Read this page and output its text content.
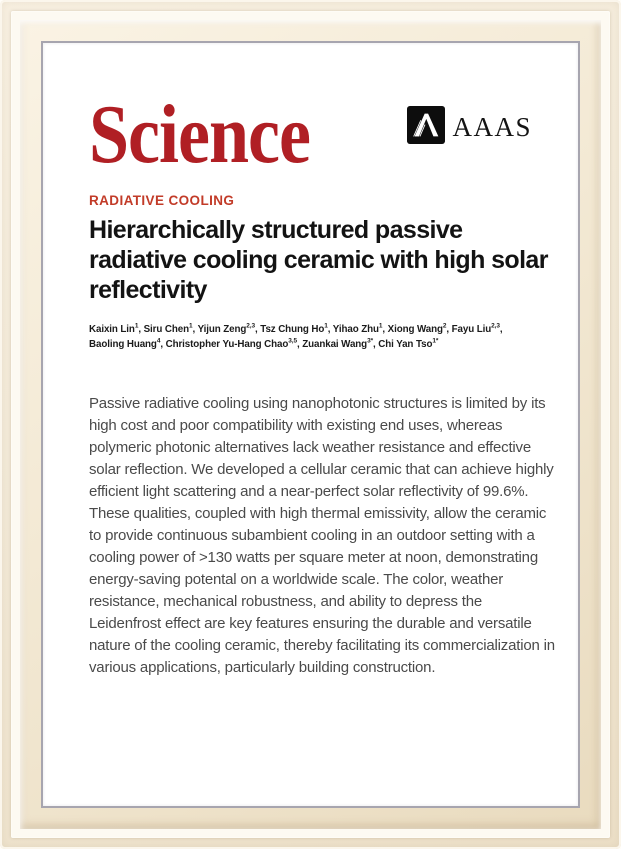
Science	AAAS
RADIATIVE COOLING
Hierarchically structured passive radiative cooling ceramic with high solar reflectivity
Kaixin Lin$^1$, Siru Chen$^1$, Yijun Zeng$^{2,3}$, Tsz Chung Ho$^1$, Yihao Zhu$^1$, Xiong Wang$^2$, Fayu Liu$^{2,3}$,
Baoling Huang$^4$, Christopher Yu-Hang Chao$^{3,5}$, Zuankai Wang$^{3*}$, Chi Yan Tso$^{1*}$

Passive radiative cooling using nanophotonic structures is limited by its high cost and poor compatibility with existing end uses, whereas polymeric photonic alternatives lack weather resistance and effective solar reflection. We developed a cellular ceramic that can achieve highly efficient light scattering and a near-perfect solar reflectivity of 99.6%. These qualities, coupled with high thermal emissivity, allow the ceramic to provide continuous subambient cooling in an outdoor setting with a cooling power of >130 watts per square meter at noon, demonstrating energy-saving potental on a worldwide scale. The color, weather resistance, mechanical robustness, and ability to depress the Leidenfrost effect are key features ensuring the durable and versatile nature of the cooling ceramic, thereby facilitating its commercialization in various applications, particularly building construction.
